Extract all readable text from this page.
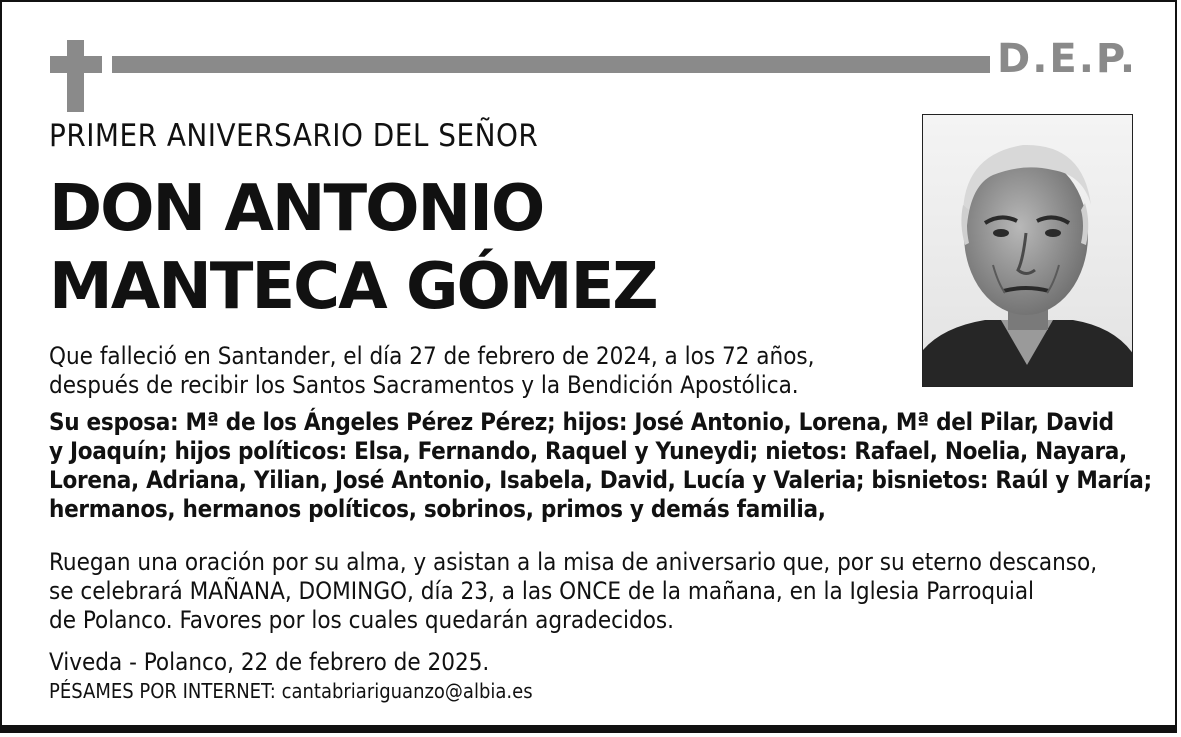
D.E.P.
PRIMER ANIVERSARIO DEL SEÑOR
DON ANTONIO
MANTECA GÓMEZ
Que falleció en Santander, el día 27 de febrero de 2024, a los 72 años,
después de recibir los Santos Sacramentos y la Bendición Apostólica.
Su esposa: Mª de los Ángeles Pérez Pérez; hijos: José Antonio, Lorena, Mª del Pilar, David
y Joaquín; hijos políticos: Elsa, Fernando, Raquel y Yuneydi; nietos: Rafael, Noelia, Nayara,
Lorena, Adriana, Yilian, José Antonio, Isabela, David, Lucía y Valeria; bisnietos: Raúl y María;
hermanos, hermanos políticos, sobrinos, primos y demás familia,
Ruegan una oración por su alma, y asistan a la misa de aniversario que, por su eterno descanso,
se celebrará MAÑANA, DOMINGO, día 23, a las ONCE de la mañana, en la Iglesia Parroquial
de Polanco. Favores por los cuales quedarán agradecidos.
Viveda - Polanco, 22 de febrero de 2025.
PÉSAMES POR INTERNET: cantabriariguanzo@albia.es
